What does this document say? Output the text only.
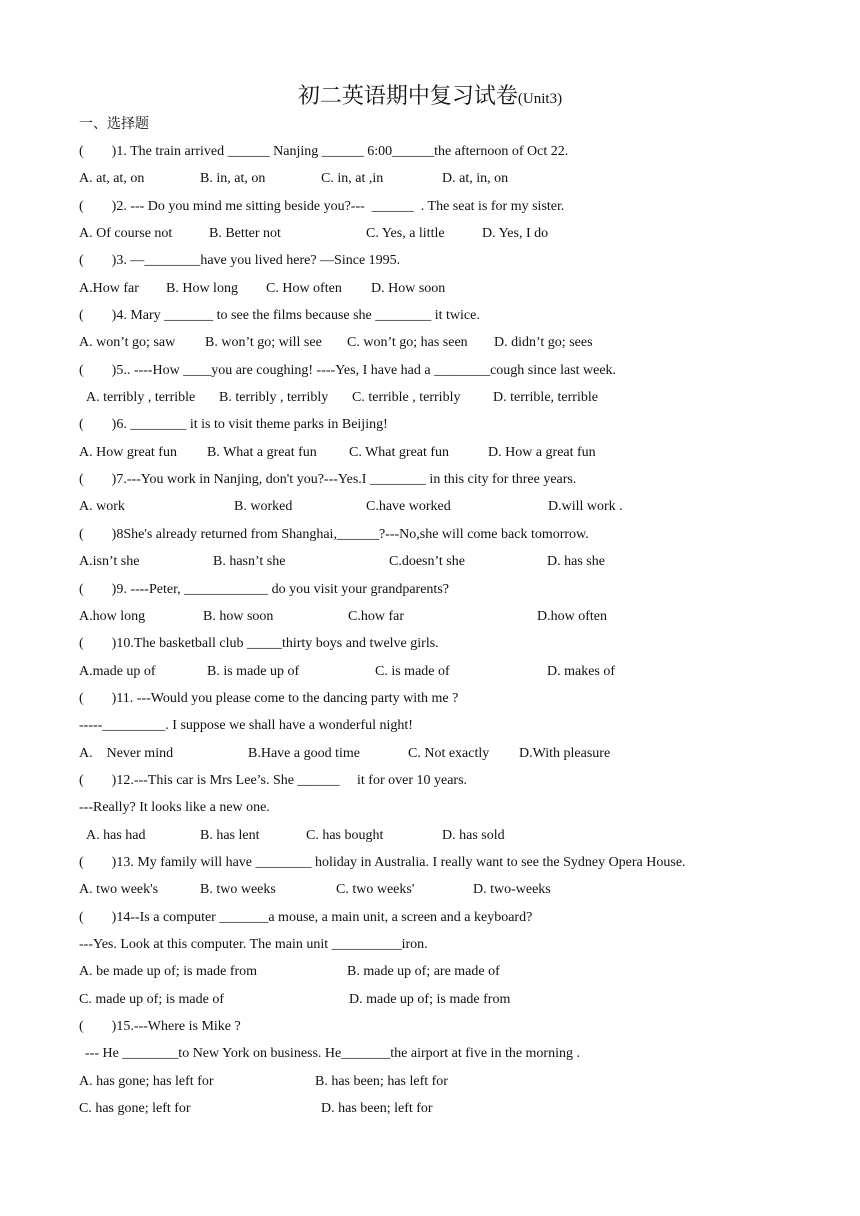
初二英语期中复习试卷(Unit3)
一、选择题
(        )1. The train arrived ______ Nanjing ______ 6:00______the afternoon of Oct 22.
A. at, at, on	B. in, at, on	C. in, at ,in	D. at, in, on
(        )2. --- Do you mind me sitting beside you?---  ______  . The seat is for my sister.
A. Of course not	B. Better not	C. Yes, a little	D. Yes, I do
(        )3. —________have you lived here? —Since 1995.
A.How far B. How long C. How often D. How soon
(        )4. Mary _______ to see the films because she ________ it twice.
A. won’t go; saw B. won’t go; will see C. won’t go; has seen D. didn’t go; sees
(        )5.. ----How ____you are coughing! ----Yes, I have had a ________cough since last week.
A. terribly , terrible B. terribly , terribly C. terrible , terribly D. terrible, terrible
(        )6. ________ it is to visit theme parks in Beijing!
A. How great fun B. What a great fun C. What great fun	D. How a great fun
(        )7.---You work in Nanjing, don't you?---Yes.I ________ in this city for three years.
A. work	B. worked	C.have worked	D.will work .
(        )8She's already returned from Shanghai,______?---No,she will come back tomorrow.
A.isn’t she	B. hasn’t she	C.doesn’t she	D. has she
(        )9. ----Peter, ____________ do you visit your grandparents?
A.how long	B. how soon	C.how far	D.how often
(        )10.The basketball club _____thirty boys and twelve girls.
A.made up of	B. is made up of	C. is made of	D. makes of
(        )11. ---Would you please come to the dancing party with me ?
-----_________. I suppose we shall have a wonderful night!
A.    Never mind	B.Have a good time	C. Not exactly D.With pleasure
(        )12.---This car is Mrs Lee’s. She ______     it for over 10 years.
---Really? It looks like a new one.
A. has had	B. has lent	C. has bought	D. has sold
(        )13. My family will have ________ holiday in Australia. I really want to see the Sydney Opera House.
A. two week's	B. two weeks	C. two weeks'	D. two-weeks
(        )14--Is a computer _______a mouse, a main unit, a screen and a keyboard?
---Yes. Look at this computer. The main unit __________iron.
A. be made up of; is made from	B. made up of; are made of
C. made up of; is made of	D. made up of; is made from
(        )15.---Where is Mike ?
--- He ________to New York on business. He_______the airport at five in the morning .
A. has gone; has left for	B. has been; has left for
C. has gone; left for	D. has been; left for
